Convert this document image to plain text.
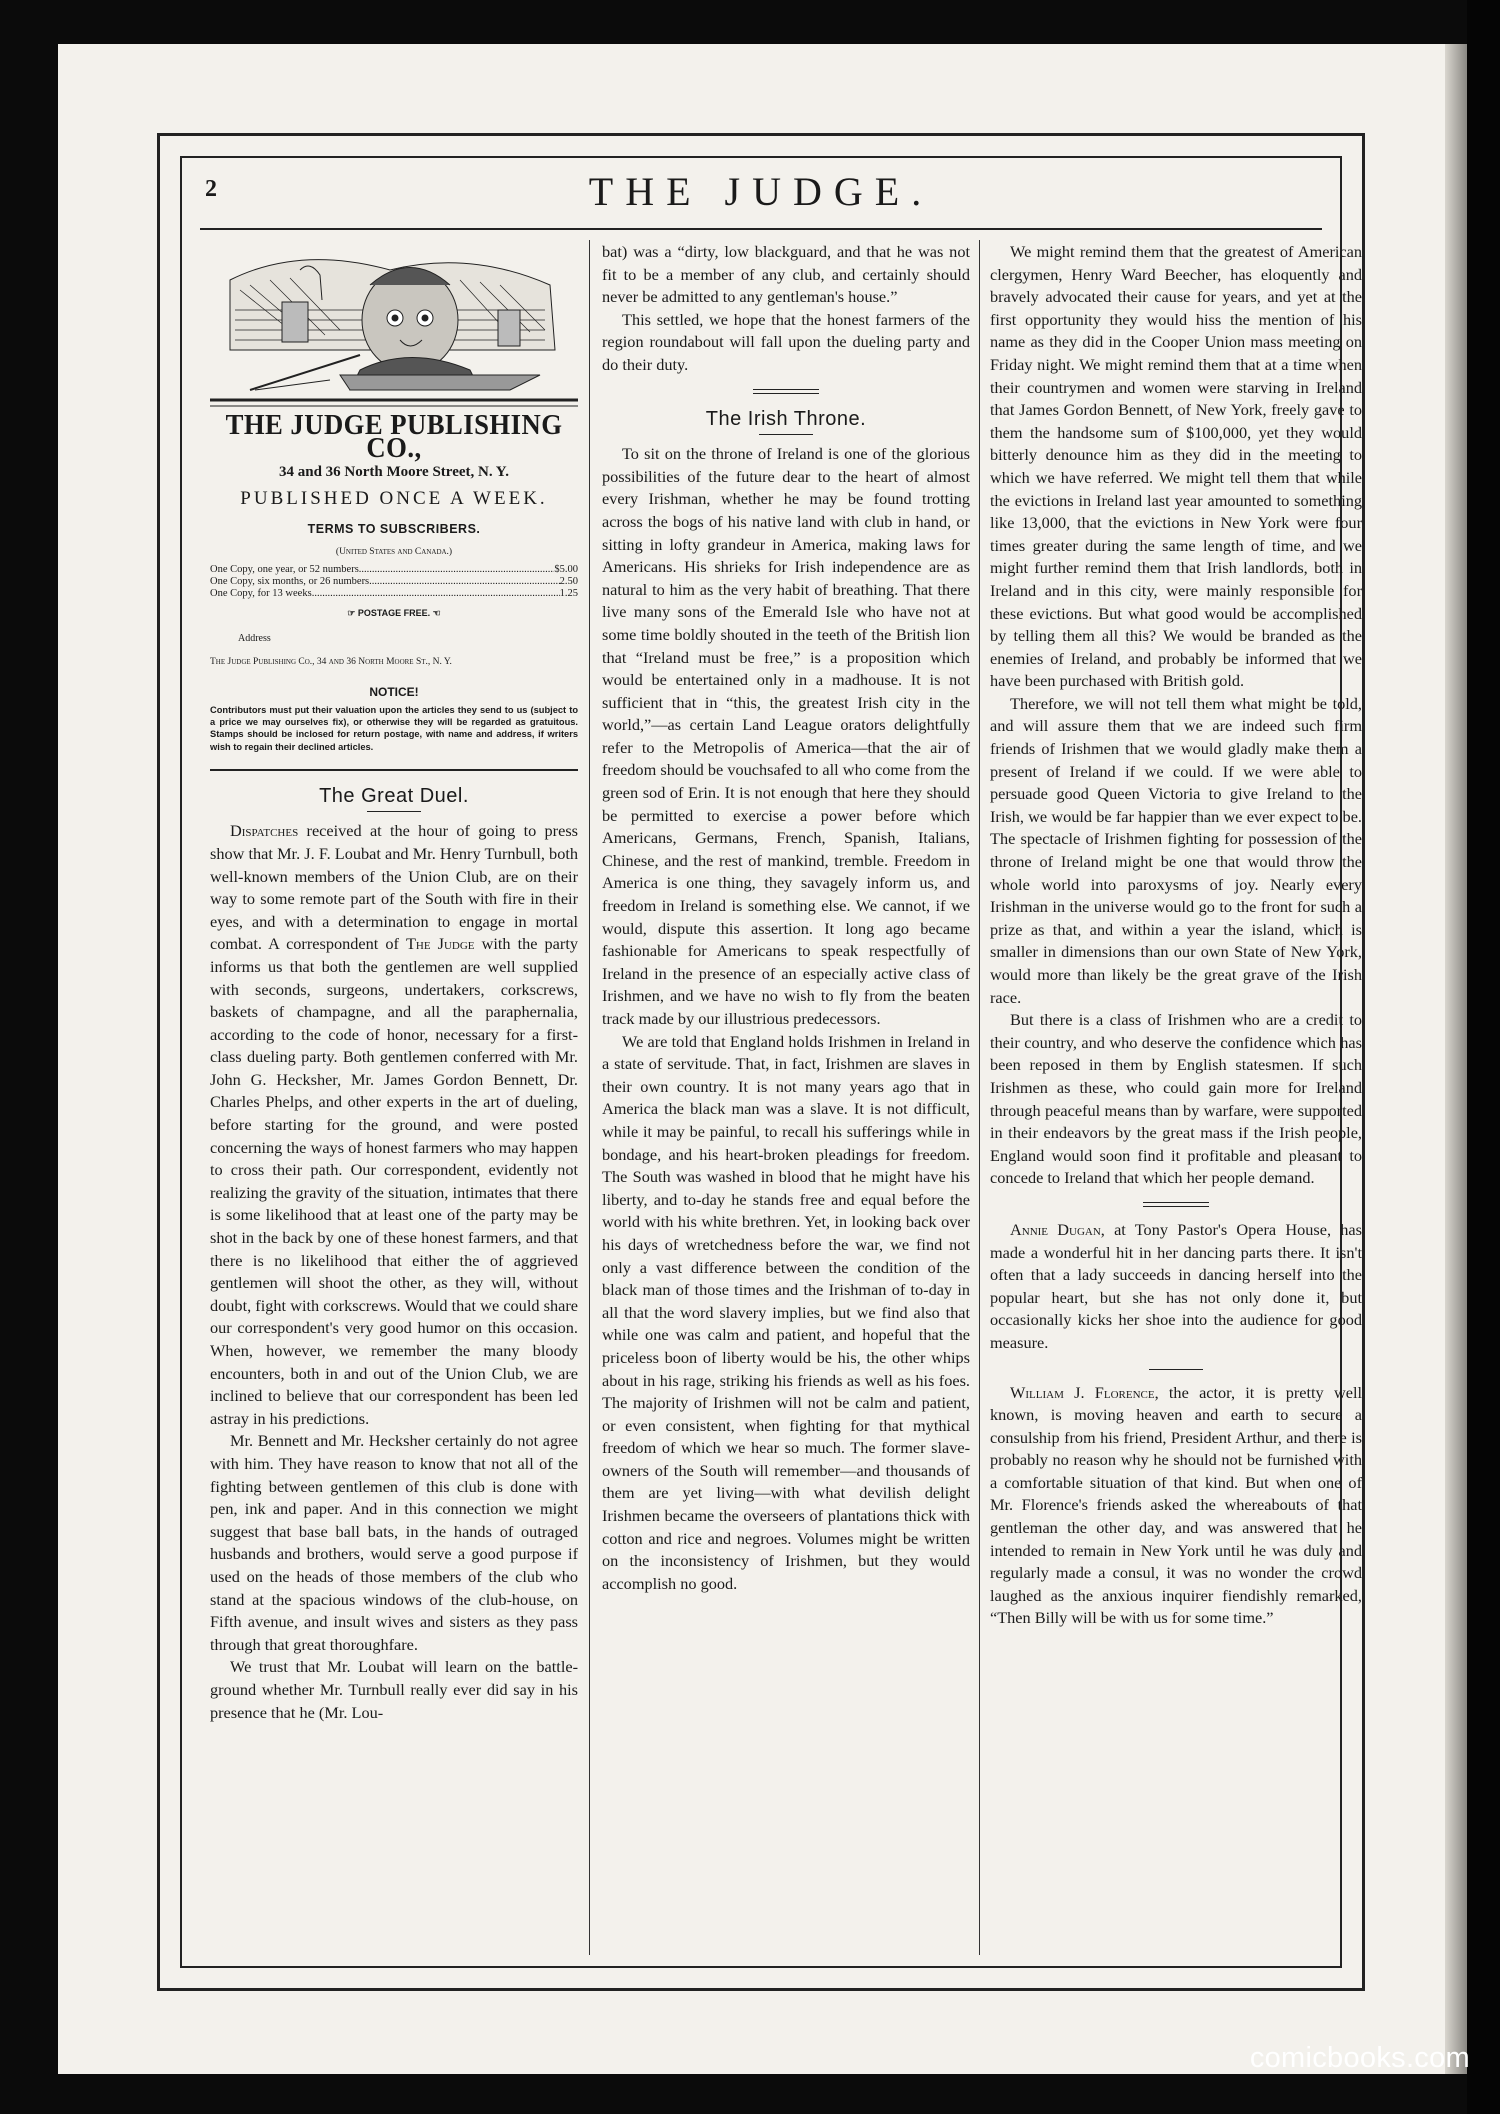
2	THE JUDGE.
THE JUDGE PUBLISHING CO.,
34 and 36 North Moore Street, N. Y.
PUBLISHED ONCE A WEEK.
TERMS TO SUBSCRIBERS.
(United States and Canada.)
One Copy, one year, or 52 numbers .....	$5.00
One Copy, six months, or 26 numbers .....	2.50
One Copy, for 13 weeks .....	1.25
☞ POSTAGE FREE. ☜
Address
The Judge Publishing Co., 34 and 36 North Moore St., N. Y.
NOTICE!
Contributors must put their valuation upon the articles they send to us (subject to a price we may ourselves fix), or otherwise they will be regarded as gratuitous. Stamps should be inclosed for return postage, with name and address, if writers wish to regain their declined articles.
The Great Duel.

Dispatches received at the hour of going to press show that Mr. J. F. Loubat and Mr. Henry Turnbull, both well-known members of the Union Club, are on their way to some remote part of the South with fire in their eyes, and with a determination to engage in mortal combat. A correspondent of The Judge with the party informs us that both the gentlemen are well supplied with seconds, surgeons, undertakers, corkscrews, baskets of champagne, and all the paraphernalia, according to the code of honor, necessary for a first-class dueling party. Both gentlemen conferred with Mr. John G. Hecksher, Mr. James Gordon Bennett, Dr. Charles Phelps, and other experts in the art of dueling, before starting for the ground, and were posted concerning the ways of honest farmers who may happen to cross their path. Our correspondent, evidently not realizing the gravity of the situation, intimates that there is some likelihood that at least one of the party may be shot in the back by one of these honest farmers, and that there is no likelihood that either the of aggrieved gentlemen will shoot the other, as they will, without doubt, fight with corkscrews. Would that we could share our correspondent's very good humor on this occasion. When, however, we remember the many bloody encounters, both in and out of the Union Club, we are inclined to believe that our correspondent has been led astray in his predictions.

Mr. Bennett and Mr. Hecksher certainly do not agree with him. They have reason to know that not all of the fighting between gentlemen of this club is done with pen, ink and paper. And in this connection we might suggest that base ball bats, in the hands of outraged husbands and brothers, would serve a good purpose if used on the heads of those members of the club who stand at the spacious windows of the club-house, on Fifth avenue, and insult wives and sisters as they pass through that great thoroughfare.

We trust that Mr. Loubat will learn on the battle-ground whether Mr. Turnbull really ever did say in his presence that he (Mr. Lou-

bat) was a “dirty, low blackguard, and that he was not fit to be a member of any club, and certainly should never be admitted to any gentleman's house.”

This settled, we hope that the honest farmers of the region roundabout will fall upon the dueling party and do their duty.

The Irish Throne.

To sit on the throne of Ireland is one of the glorious possibilities of the future dear to the heart of almost every Irishman, whether he may be found trotting across the bogs of his native land with club in hand, or sitting in lofty grandeur in America, making laws for Americans. His shrieks for Irish independence are as natural to him as the very habit of breathing. That there live many sons of the Emerald Isle who have not at some time boldly shouted in the teeth of the British lion that “Ireland must be free,” is a proposition which would be entertained only in a madhouse. It is not sufficient that in “this, the greatest Irish city in the world,”—as certain Land League orators delightfully refer to the Metropolis of America—that the air of freedom should be vouchsafed to all who come from the green sod of Erin. It is not enough that here they should be permitted to exercise a power before which Americans, Germans, French, Spanish, Italians, Chinese, and the rest of mankind, tremble. Freedom in America is one thing, they savagely inform us, and freedom in Ireland is something else. We cannot, if we would, dispute this assertion. It long ago became fashionable for Americans to speak respectfully of Ireland in the presence of an especially active class of Irishmen, and we have no wish to fly from the beaten track made by our illustrious predecessors.

We are told that England holds Irishmen in Ireland in a state of servitude. That, in fact, Irishmen are slaves in their own country. It is not many years ago that in America the black man was a slave. It is not difficult, while it may be painful, to recall his sufferings while in bondage, and his heart-broken pleadings for freedom. The South was washed in blood that he might have his liberty, and to-day he stands free and equal before the world with his white brethren. Yet, in looking back over his days of wretchedness before the war, we find not only a vast difference between the condition of the black man of those times and the Irishman of to-day in all that the word slavery implies, but we find also that while one was calm and patient, and hopeful that the priceless boon of liberty would be his, the other whips about in his rage, striking his friends as well as his foes. The majority of Irishmen will not be calm and patient, or even consistent, when fighting for that mythical freedom of which we hear so much. The former slave-owners of the South will remember—and thousands of them are yet living—with what devilish delight Irishmen became the overseers of plantations thick with cotton and rice and negroes. Volumes might be written on the inconsistency of Irishmen, but they would accomplish no good.

We might remind them that the greatest of American clergymen, Henry Ward Beecher, has eloquently and bravely advocated their cause for years, and yet at the first opportunity they would hiss the mention of his name as they did in the Cooper Union mass meeting on Friday night. We might remind them that at a time when their countrymen and women were starving in Ireland that James Gordon Bennett, of New York, freely gave to them the handsome sum of $100,000, yet they would bitterly denounce him as they did in the meeting to which we have referred. We might tell them that while the evictions in Ireland last year amounted to something like 13,000, that the evictions in New York were four times greater during the same length of time, and we might further remind them that Irish landlords, both in Ireland and in this city, were mainly responsible for these evictions. But what good would be accomplished by telling them all this? We would be branded as the enemies of Ireland, and probably be informed that we have been purchased with British gold.

Therefore, we will not tell them what might be told, and will assure them that we are indeed such firm friends of Irishmen that we would gladly make them a present of Ireland if we could. If we were able to persuade good Queen Victoria to give Ireland to the Irish, we would be far happier than we ever expect to be. The spectacle of Irishmen fighting for possession of the throne of Ireland might be one that would throw the whole world into paroxysms of joy. Nearly every Irishman in the universe would go to the front for such a prize as that, and within a year the island, which is smaller in dimensions than our own State of New York, would more than likely be the great grave of the Irish race.

But there is a class of Irishmen who are a credit to their country, and who deserve the confidence which has been reposed in them by English statesmen. If such Irishmen as these, who could gain more for Ireland through peaceful means than by warfare, were supported in their endeavors by the great mass if the Irish people, England would soon find it profitable and pleasant to concede to Ireland that which her people demand.

Annie Dugan, at Tony Pastor's Opera House, has made a wonderful hit in her dancing parts there. It isn't often that a lady succeeds in dancing herself into the popular heart, but she has not only done it, but occasionally kicks her shoe into the audience for good measure.

William J. Florence, the actor, it is pretty well known, is moving heaven and earth to secure a consulship from his friend, President Arthur, and there is probably no reason why he should not be furnished with a comfortable situation of that kind. But when one of Mr. Florence's friends asked the whereabouts of that gentleman the other day, and was answered that he intended to remain in New York until he was duly and regularly made a consul, it was no wonder the crowd laughed as the anxious inquirer fiendishly remarked, “Then Billy will be with us for some time.”

comicbooks.com
